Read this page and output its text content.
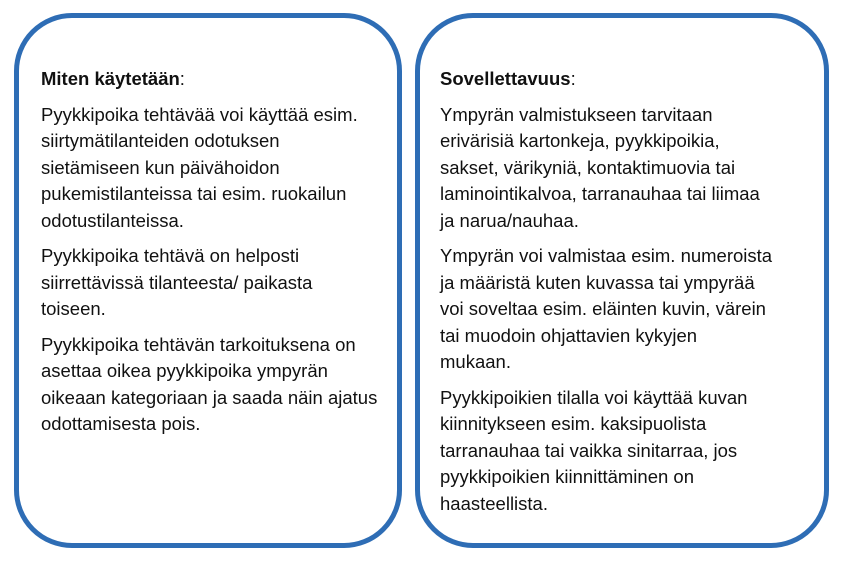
Miten käytetään:

Pyykkipoika tehtävää voi käyttää esim.
siirtymätilanteiden odotuksen
sietämiseen kun päivähoidon
pukemistilanteissa tai esim. ruokailun
odotustilanteissa.

Pyykkipoika tehtävä on helposti
siirrettävissä tilanteesta/ paikasta
toiseen.

Pyykkipoika tehtävän tarkoituksena on
asettaa oikea pyykkipoika ympyrän
oikeaan kategoriaan ja saada näin ajatus
odottamisesta pois.

Sovellettavuus:

Ympyrän valmistukseen tarvitaan
erivärisiä kartonkeja, pyykkipoikia,
sakset, värikyniä, kontaktimuovia tai
laminointikalvoa, tarranauhaa tai liimaa
ja narua/nauhaa.

Ympyrän voi valmistaa esim. numeroista
ja määristä kuten kuvassa tai ympyrää
voi soveltaa esim. eläinten kuvin, värein
tai muodoin ohjattavien kykyjen
mukaan.

Pyykkipoikien tilalla voi käyttää kuvan
kiinnitykseen esim. kaksipuolista
tarranauhaa tai vaikka sinitarraa, jos
pyykkipoikien kiinnittäminen on
haasteellista.
